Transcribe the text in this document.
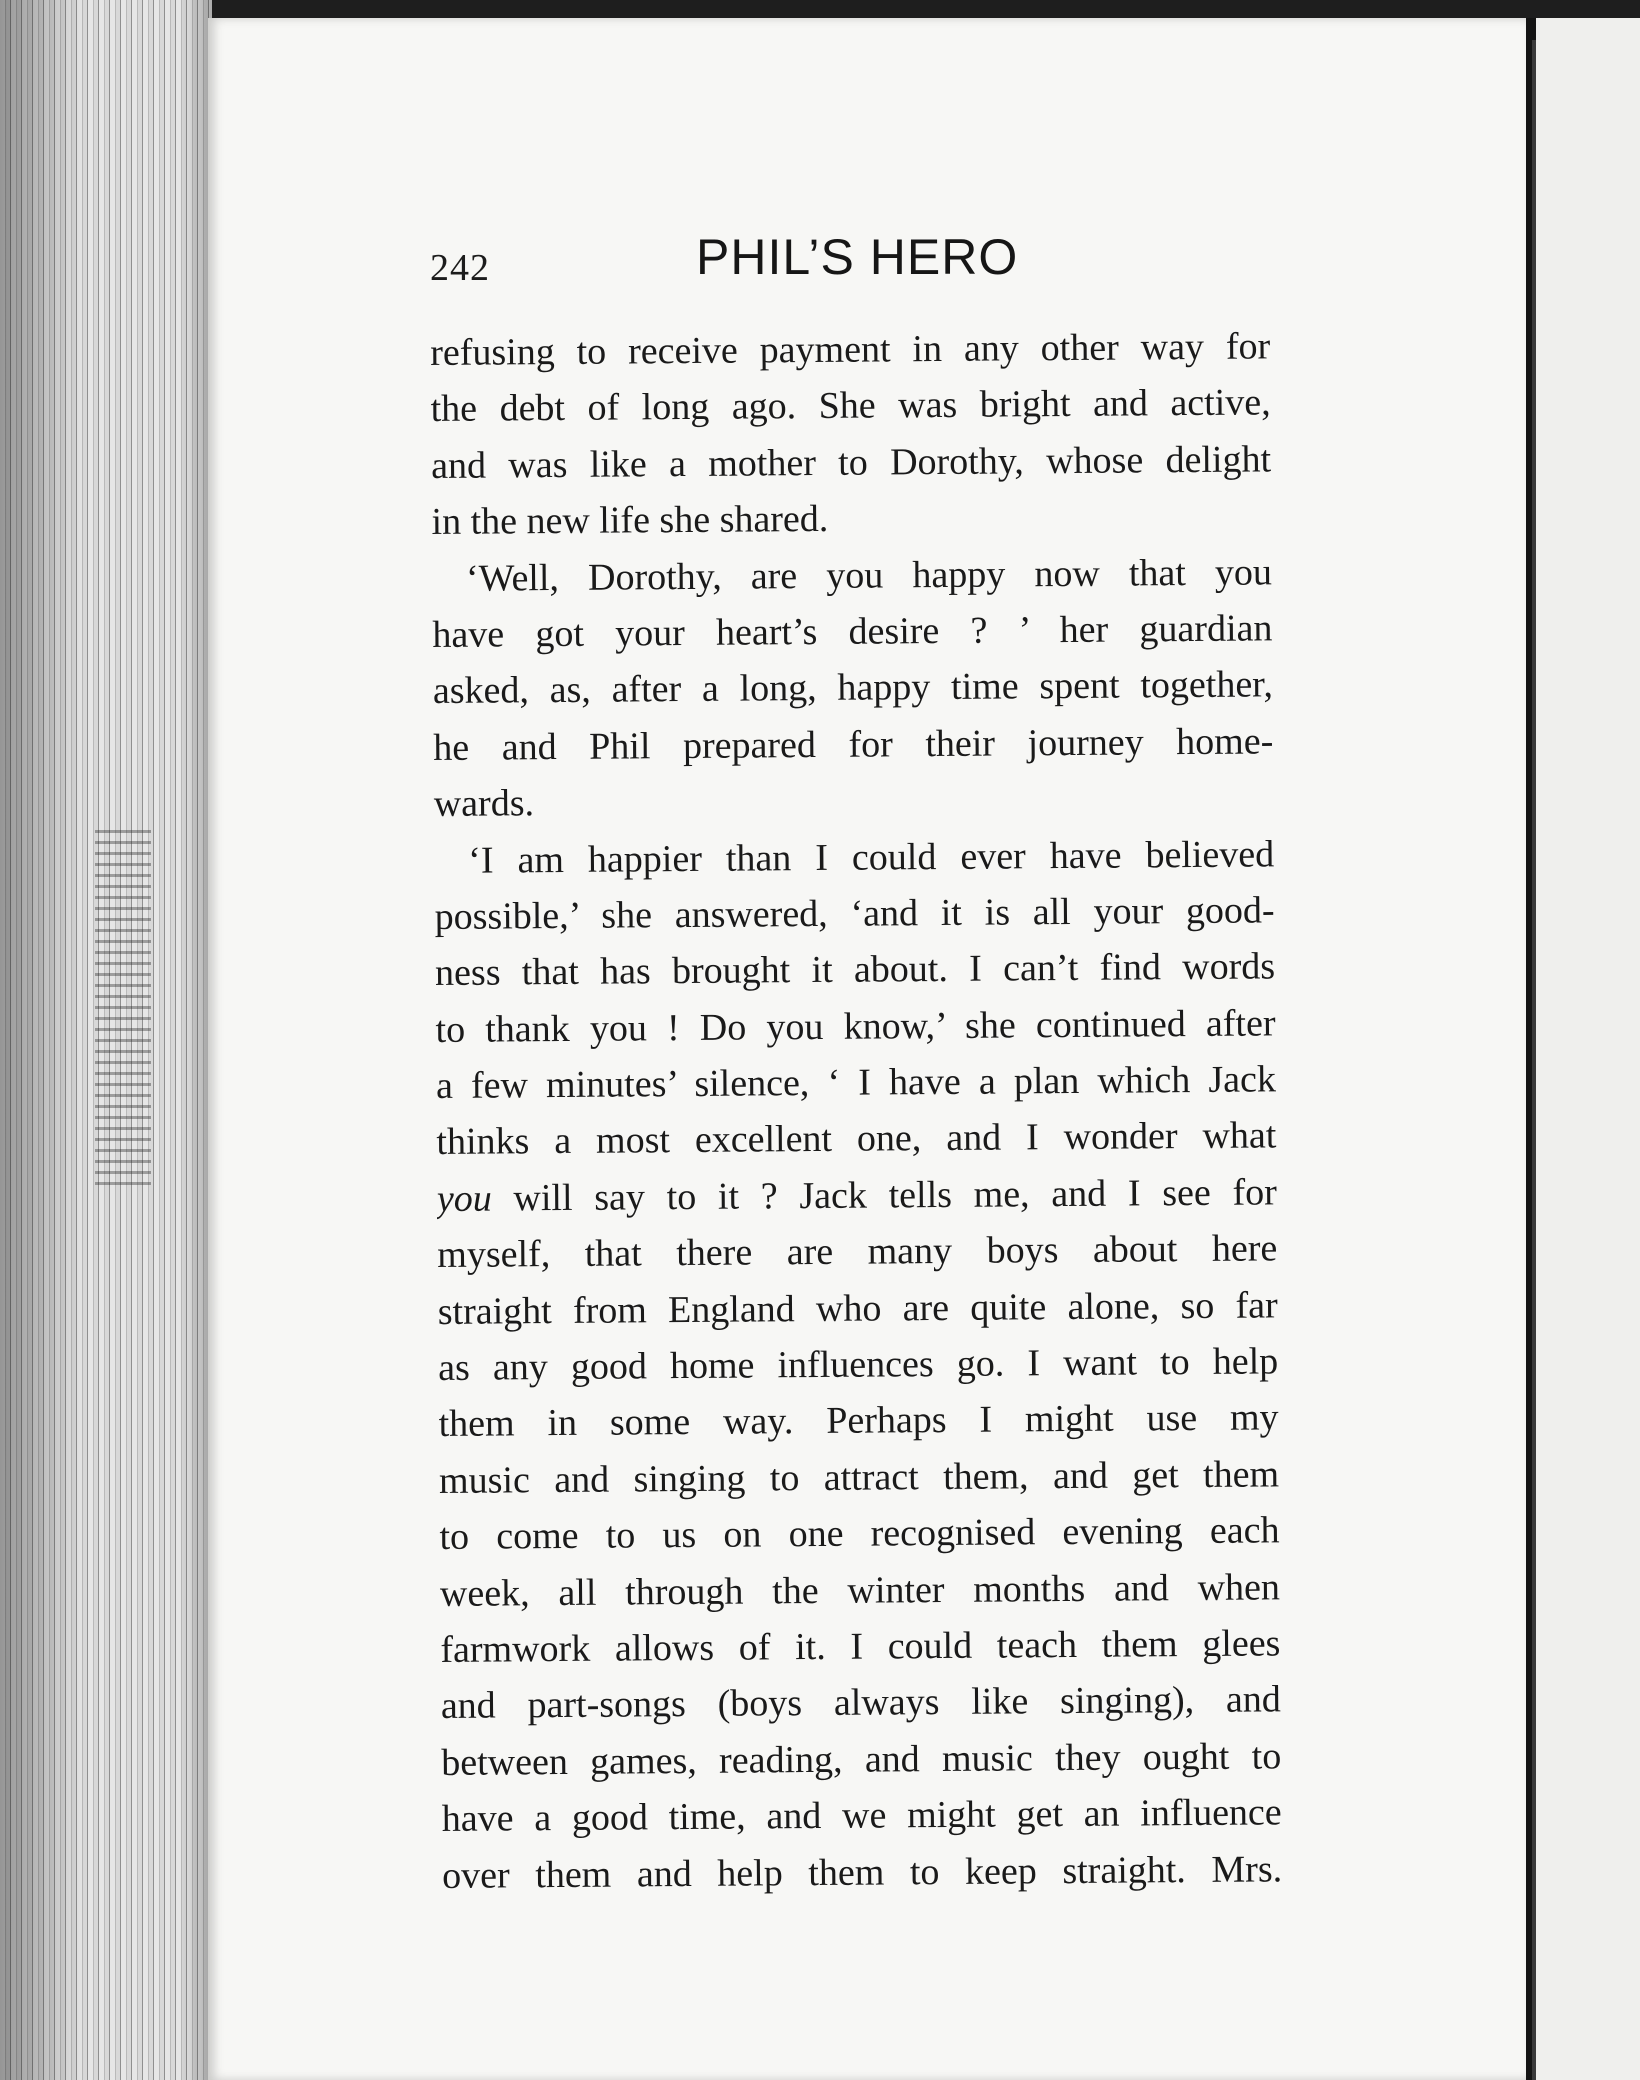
242	PHIL’S HERO
refusing to receive payment in any other way for
the debt of long ago. She was bright and active,
and was like a mother to Dorothy, whose delight
in the new life she shared.
‘Well, Dorothy, are you happy now that you
have got your heart’s desire ? ’ her guardian
asked, as, after a long, happy time spent together,
he and Phil prepared for their journey home-
wards.
‘I am happier than I could ever have believed
possible,’ she answered, ‘and it is all your good-
ness that has brought it about. I can’t find words
to thank you ! Do you know,’ she continued after
a few minutes’ silence, ‘ I have a plan which Jack
thinks a most excellent one, and I wonder what
you will say to it ? Jack tells me, and I see for
myself, that there are many boys about here
straight from England who are quite alone, so far
as any good home influences go. I want to help
them in some way. Perhaps I might use my
music and singing to attract them, and get them
to come to us on one recognised evening each
week, all through the winter months and when
farmwork allows of it. I could teach them glees
and part-songs (boys always like singing), and
between games, reading, and music they ought to
have a good time, and we might get an influence
over them and help them to keep straight. Mrs.
